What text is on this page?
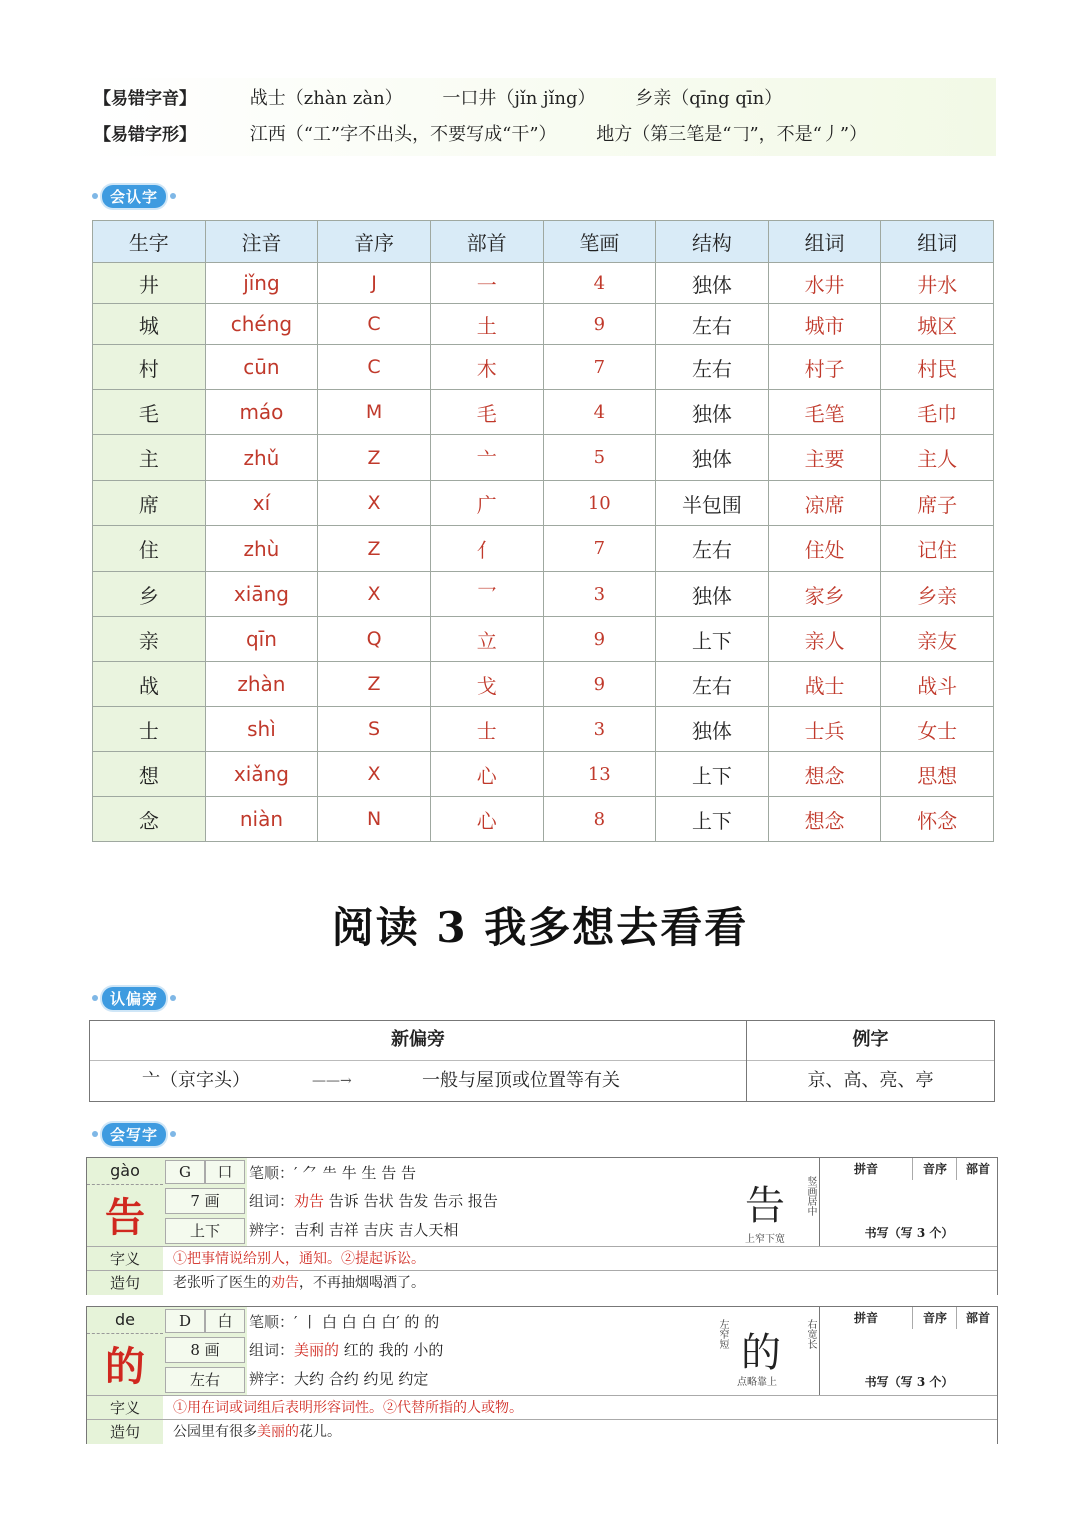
【易错字音】	战士（zhàn zàn） 一口井（jǐn jǐng） 乡亲（qīng qīn）
【易错字形】	江西（“工”字不出头，不要写成“干”） 地方（第三笔是“𠃌”，不是“丿”）
会认字
生字	注音	音序	部首	笔画	结构	组词	组词
井	jǐng	J	一	4	独体	水井	井水
城	chéng	C	土	9	左右	城市	城区
村	cūn	C	木	7	左右	村子	村民
毛	máo	M	毛	4	独体	毛笔	毛巾
主	zhǔ	Z	亠	5	独体	主要	主人
席	xí	X	广	10	半包围	凉席	席子
住	zhù	Z	亻	7	左右	住处	记住
乡	xiāng	X	乛	3	独体	家乡	乡亲
亲	qīn	Q	立	9	上下	亲人	亲友
战	zhàn	Z	戈	9	左右	战士	战斗
士	shì	S	士	3	独体	士兵	女士
想	xiǎng	X	心	13	上下	想念	思想
念	niàn	N	心	8	上下	想念	怀念
阅读 3 我多想去看看
认偏旁
新偏旁	例字
亠（京字头）	——→	一般与屋顶或位置等有关	京、高、亮、亭
会写字
gào
告
G	口
7 画
上下
笔顺：′ ⺈ ⺧ 牛 生 告 告
组词：劝告 告诉 告状 告发 告示 报告
辨字：吉利 吉祥 吉庆 吉人天相
告
上窄下宽
竖画居中
拼音	音序	部首
书写（写 3 个）
字义	①把事情说给别人，通知。②提起诉讼。
造句	老张听了医生的劝告，不再抽烟喝酒了。
de
的
D	白
8 画
左右
笔顺：′ 丨 白 白 白 白′ 的 的
组词：美丽的 红的 我的 小的
辨字：大约 合约 约见 约定
的
左窄短	右宽长
点略靠上
拼音	音序	部首
书写（写 3 个）
字义	①用在词或词组后表明形容词性。②代替所指的人或物。
造句	公园里有很多美丽的花儿。
